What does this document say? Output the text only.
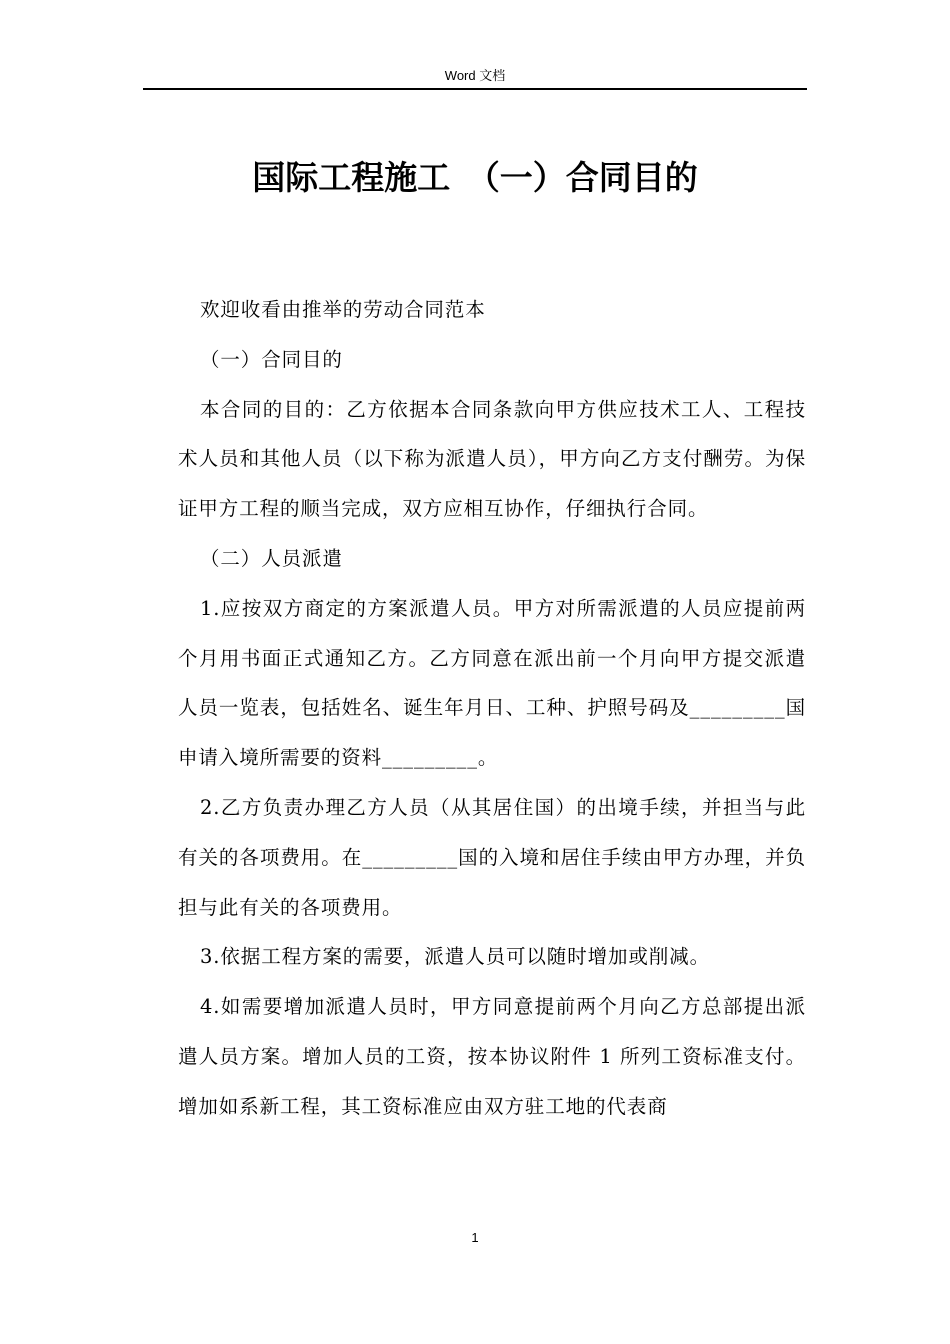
Word 文档
国际工程施工　（一）合同目的

欢迎收看由推举的劳动合同范本

（一）合同目的

本合同的目的：乙方依据本合同条款向甲方供应技术工人、工程技术人员和其他人员（以下称为派遣人员），甲方向乙方支付酬劳。为保证甲方工程的顺当完成，双方应相互协作，仔细执行合同。

（二）人员派遣

1.应按双方商定的方案派遣人员。甲方对所需派遣的人员应提前两个月用书面正式通知乙方。乙方同意在派出前一个月向甲方提交派遣人员一览表，包括姓名、诞生年月日、工种、护照号码及_________国申请入境所需要的资料_________。

2.乙方负责办理乙方人员（从其居住国）的出境手续，并担当与此有关的各项费用。在_________国的入境和居住手续由甲方办理，并负担与此有关的各项费用。

3.依据工程方案的需要，派遣人员可以随时增加或削减。

4.如需要增加派遣人员时，甲方同意提前两个月向乙方总部提出派遣人员方案。增加人员的工资，按本协议附件 1 所列工资标准支付。增加如系新工程，其工资标准应由双方驻工地的代表商

1
